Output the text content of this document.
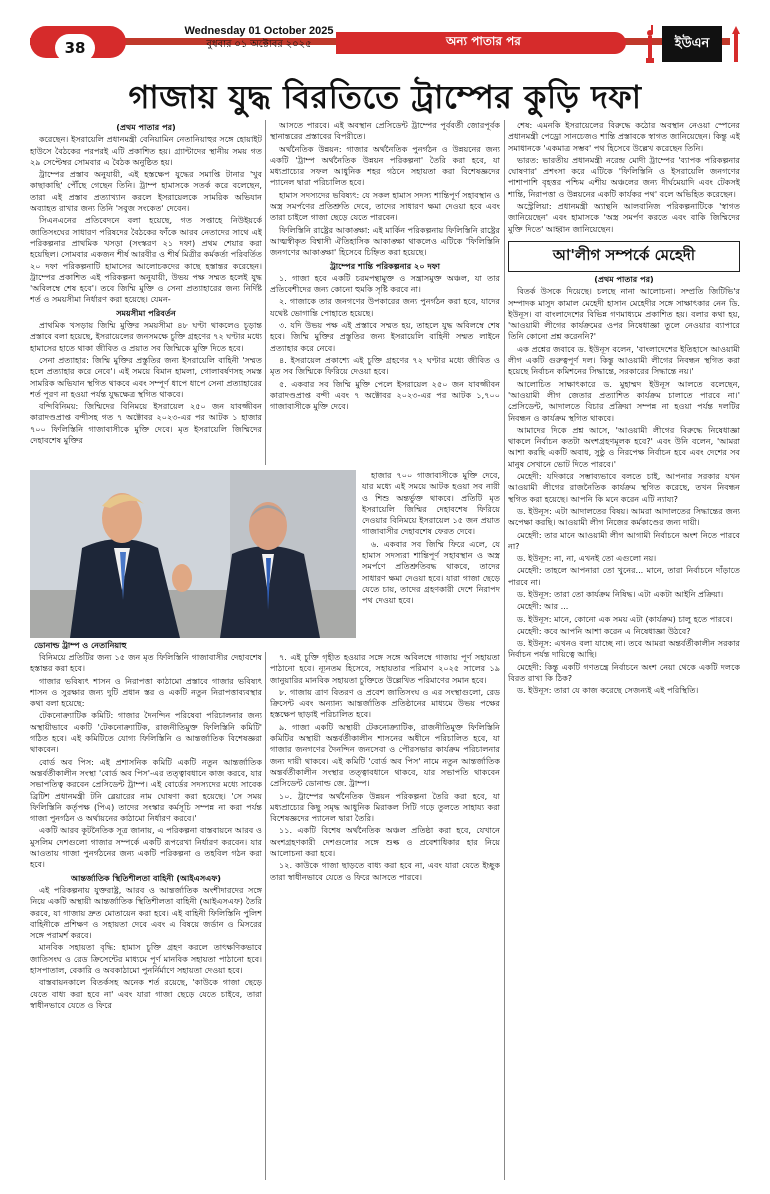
38
Wednesday 01 October 2025
বুধবার ০১ অক্টোবর ২০২৫	অন্য পাতার পর	ইউএন
গাজায় যুদ্ধ বিরতিতে ট্রাম্পের কুড়ি দফা

(প্রথম পাতার পর)

করেছেন। ইসরায়েলি প্রধানমন্ত্রী বেনিয়ামিন নেতানিয়াহুর সঙ্গে হোয়াইট হাউসে বৈঠকের পরপরই এটি প্রকাশিত হয়। গ্র্যান্টাদের স্থানীয় সময় গত ২৯ সেপ্টেম্বর সোমবার এ বৈঠক অনুষ্ঠিত হয়।

ট্রাম্পের প্রস্তাব অনুযায়ী, এই হস্তক্ষেপ যুদ্ধের সমাপ্তি টানার 'খুব কাছাকাছি' পৌঁছে গেছেন তিনি। ট্রাম্প হামাসকে সতর্ক করে বলেছেন, তারা এই প্রস্তাব প্রত্যাখ্যান করলে ইসরায়েলকে সামরিক অভিযান অব্যাহত রাখার জন্য তিনি 'সবুজ সংকেত' দেবেন।

সিএনএনের প্রতিবেদনে বলা হয়েছে, গত সপ্তাহে নিউইয়র্কে জাতিসংঘের সাধারণ পরিষদের বৈঠকের ফাঁকে আরব নেতাদের সাথে এই পরিকল্পনার প্রাথমিক খসড়া (সংস্করণ ২১ দফা) প্রথম শেয়ার করা হয়েছিল। সোমবার একজন শীর্ষ আরবীর ও শীর্ষ মিত্রীর কর্মকর্তা পরিবর্তিত ২০ দফা পরিকল্পনাটি হামাসের আলোচকদের কাছে হস্তান্তর করেছেন। ট্রাম্পের প্রকাশিত এই পরিকল্পনা অনুযায়ী, উভয় পক্ষ সম্মত হলেই যুদ্ধ 'অবিলম্বে শেষ হবে'। তবে জিম্মি মুক্তি ও সেনা প্রত্যাহারের জন্য নির্দিষ্ট শর্ত ও সময়সীমা নির্ধারণ করা হয়েছে। যেমন-

সময়সীমা পরিবর্তন

প্রাথমিক খসড়ায় জিম্মি মুক্তির সময়সীমা ৪৮ ঘণ্টা থাকলেও চূড়ান্ত প্রস্তাবে বলা হয়েছে, ইসরায়েলের জনসমক্ষে চুক্তি গ্রহণের ৭২ ঘণ্টার মধ্যে হামাসের হাতে থাকা জীবিত ও প্রয়াত সব জিম্মিকে মুক্তি দিতে হবে।

সেনা প্রত্যাহার: জিম্মি মুক্তির প্রস্তুতির জন্য ইসরায়েলি বাহিনী 'সম্মত হলে প্রত্যাহার করে নেবে'। এই সময়ে বিমান হামলা, গোলাবর্ষণসহ সমস্ত সামরিক অভিযান স্থগিত থাকবে এবং সম্পূর্ণ ধাপে ধাপে সেনা প্রত্যাহারের শর্ত পূরণ না হওয়া পর্যন্ত যুদ্ধক্ষেত্র স্থগিত থাকবে।

বন্দিবিনিময়: জিম্মিদের বিনিময়ে ইসরায়েল ২৫০ জন যাবজ্জীবন কারাদণ্ডপ্রাপ্ত বন্দীসহ গত ৭ অক্টোবর ২০২৩-এর পর আটক ১ হাজার ৭০০ ফিলিস্তিনি গাজাবাসীকে মুক্তি দেবে। মৃত ইসরায়েলি জিম্মিদের দেহাবশেষ মুক্তির

আসতে পারবে। এই অবস্থান প্রেসিডেন্ট ট্রাম্পের পূর্ববর্তী জোরপূর্বক স্থানান্তরের প্রস্তাবের বিপরীতে।

অর্থনৈতিক উন্নয়ন: গাজার অর্থনৈতিক পুনর্গঠন ও উন্নয়নের জন্য একটি 'ট্রাম্প অর্থনৈতিক উন্নয়ন পরিকল্পনা' তৈরি করা হবে, যা মধ্যপ্রাচ্যের সফল আধুনিক শহর গঠনে সহায়তা করা বিশেষজ্ঞদের প্যানেল দ্বারা পরিচালিত হবে।

হামাস সদস্যদের ভবিষ্যৎ: যে সকল হামাস সদস্য শান্তিপূর্ণ সহাবস্থান ও অস্ত্র সমর্পণের প্রতিশ্রুতি দেবে, তাদের সাধারণ ক্ষমা দেওয়া হবে এবং তারা চাইলে গাজা ছেড়ে যেতে পারবেন।

ফিলিস্তিনি রাষ্ট্রের আকাঙ্ক্ষা: এই মার্কিন পরিকল্পনায় ফিলিস্তিনি রাষ্ট্রের আত্মস্বীকৃত বিশ্বাসী ঐতিহাসিক আকাঙ্ক্ষা থাকলেও এটিকে 'ফিলিস্তিনি জনগণের আকাঙ্ক্ষা' হিসেবে চিহ্নিত করা হয়েছে।

ট্রাম্পের শান্তি পরিকল্পনার ২০ দফা

১. গাজা হবে একটি চরমপন্থামুক্ত ও সন্ত্রাসমুক্ত অঞ্চল, যা তার প্রতিবেশীদের জন্য কোনো হুমকি সৃষ্টি করবে না।

২. গাজাকে তার জনগণের উপকারের জন্য পুনর্গঠন করা হবে, যাদের যথেষ্ট ভোগান্তি পোহাতে হয়েছে।

৩. যদি উভয় পক্ষ এই প্রস্তাবে সম্মত হয়, তাহলে যুদ্ধ অবিলম্বে শেষ হবে। জিম্মি মুক্তির প্রস্তুতির জন্য ইসরায়েলি বাহিনী সম্মত লাইনে প্রত্যাহার করে নেবে।

৪. ইসরায়েল প্রকাশ্যে এই চুক্তি গ্রহণের ৭২ ঘণ্টার মধ্যে জীবিত ও মৃত সব জিম্মিকে ফিরিয়ে দেওয়া হবে।

৫. একবার সব জিম্মি মুক্তি পেলে ইসরায়েল ২৫০ জন যাবজ্জীবন কারাদণ্ডপ্রাপ্ত বন্দী এবং ৭ অক্টোবর ২০২৩-এর পর আটক ১,৭০০ গাজাবাসীকে মুক্তি দেবে।

ডোনাল্ড ট্রাম্প ও নেতানিয়াহু

হাজার ৭০০ গাজাবাসীকে মুক্তি দেবে, যার মধ্যে এই সময়ে আটক হওয়া সব নারী ও শিশু অন্তর্ভুক্ত থাকবে। প্রতিটি মৃত ইসরায়েলি জিম্মির দেহাবশেষ ফিরিয়ে দেওয়ার বিনিময়ে ইসরায়েল ১৫ জন প্রয়াত গাজাবাসীর দেহাবশেষ ফেরত দেবে।

৬. একবার সব জিম্মি ফিরে এলে, যে হামাস সদস্যরা শান্তিপূর্ণ সহাবস্থান ও অস্ত্র সমর্পণে প্রতিশ্রুতিবদ্ধ থাকবে, তাদের সাধারণ ক্ষমা দেওয়া হবে। যারা গাজা ছেড়ে যেতে চায়, তাদের গ্রহণকারী দেশে নিরাপদ পথ দেওয়া হবে।

বিনিময়ে প্রতিটির জন্য ১৫ জন মৃত ফিলিস্তিনি গাজাবাসীর দেহাবশেষ হস্তান্তর করা হবে।

গাজার ভবিষ্যৎ শাসন ও নিরাপত্তা কাঠামো প্রস্তাবে গাজার ভবিষ্যৎ শাসন ও সুরক্ষার জন্য দুটি প্রধান স্তর ও একটি নতুন নিরাপত্তাব্যবস্থার কথা বলা হয়েছে:

টেকনোক্র্যাটিক কমিটি: গাজার দৈনন্দিন পরিষেবা পরিচালনার জন্য অস্থায়ীভাবে একটি 'টেকনোক্র্যাটিক, রাজনীতিমুক্ত ফিলিস্তিনি কমিটি' গঠিত হবে। এই কমিটিতে যোগ্য ফিলিস্তিনি ও আন্তর্জাতিক বিশেষজ্ঞরা থাকবেন।

বোর্ড অব পিস: এই প্রশাসনিক কমিটি একটি নতুন আন্তর্জাতিক অন্তর্বর্তীকালীন সংস্থা 'বোর্ড অব পিস'-এর তত্ত্বাবধানে কাজ করবে, যার সভাপতিত্ব করবেন প্রেসিডেন্ট ট্রাম্প। এই বোর্ডের সদস্যদের মধ্যে সাবেক ব্রিটিশ প্রধানমন্ত্রী টনি ব্লেয়ারের নাম ঘোষণা করা হয়েছে। 'সে সময় ফিলিস্তিনি কর্তৃপক্ষ (পিএ) তাদের সংস্কার কর্মসূচি সম্পন্ন না করা পর্যন্ত গাজা পুনর্গঠন ও অর্থায়নের কাঠামো নির্ধারণ করবে।'

একটি আরব কূটনৈতিক সূত্র জানায়, এ পরিকল্পনা বাস্তবায়নে আরব ও মুসলিম দেশগুলো গাজার সম্পর্কে একটি রূপরেখা নির্ধারণ করবেন। যার আওতায় গাজা পুনর্গঠনের জন্য একটি পরিকল্পনা ও তহবিল গঠন করা হবে।

আন্তর্জাতিক স্থিতিশীলতা বাহিনী (আইএসএফ)

এই পরিকল্পনায় যুক্তরাষ্ট্র, আরব ও আন্তর্জাতিক অংশীদারদের সঙ্গে নিয়ে একটি অস্থায়ী আন্তর্জাতিক স্থিতিশীলতা বাহিনী (আইএসএফ) তৈরি করবে, যা গাজায় দ্রুত মোতায়েন করা হবে। এই বাহিনী ফিলিস্তিনি পুলিশ বাহিনীকে প্রশিক্ষণ ও সহায়তা দেবে এবং এ বিষয়ে জর্ডান ও মিসরের সঙ্গে পরামর্শ করবে।

মানবিক সহায়তা বৃদ্ধি: হামাস চুক্তি গ্রহণ করলে তাৎক্ষণিকভাবে জাতিসংঘ ও রেড ক্রিসেন্টের মাধ্যমে পূর্ণ মানবিক সহায়তা পাঠানো হবে। হাসপাতাল, বেকারি ও অবকাঠামো পুনর্নির্মাণে সহায়তা দেওয়া হবে।

বাস্তবায়নকালে বিতর্কসহ অনেক শর্ত রয়েছে, 'কাউকে গাজা ছেড়ে যেতে বাধ্য করা হবে না' এবং যারা গাজা ছেড়ে যেতে চাইবে, তারা স্বাধীনভাবে যেতে ও ফিরে

৭. এই চুক্তি গৃহীত হওয়ার সঙ্গে সঙ্গে অবিলম্বে গাজায় পূর্ণ সহায়তা পাঠানো হবে। ন্যূনতম হিসেবে, সহায়তার পরিমাণ ২০২৫ সালের ১৯ জানুয়ারির মানবিক সহায়তা চুক্তিতে উল্লেখিত পরিমাণের সমান হবে।

৮. গাজায় ত্রাণ বিতরণ ও প্রবেশ জাতিসংঘ ও এর সংস্থাগুলো, রেড ক্রিসেন্ট এবং অন্যান্য আন্তর্জাতিক প্রতিষ্ঠানের মাধ্যমে উভয় পক্ষের হস্তক্ষেপ ছাড়াই পরিচালিত হবে।

৯. গাজা একটি অস্থায়ী টেকনোক্র্যাটিক, রাজনীতিমুক্ত ফিলিস্তিনি কমিটির অস্থায়ী অন্তর্বর্তীকালীন শাসনের অধীনে পরিচালিত হবে, যা গাজার জনগণের দৈনন্দিন জনসেবা ও পৌরসভার কার্যক্রম পরিচালনার জন্য দায়ী থাকবে। এই কমিটি 'বোর্ড অব পিস' নামে নতুন আন্তর্জাতিক অন্তর্বর্তীকালীন সংস্থার তত্ত্বাবধানে থাকবে, যার সভাপতি থাকবেন প্রেসিডেন্ট ডোনাল্ড জে. ট্রাম্প।

১০. ট্রাম্পের অর্থনৈতিক উন্নয়ন পরিকল্পনা তৈরি করা হবে, যা মধ্যপ্রাচ্যের কিছু সমৃদ্ধ আধুনিক মিরাকল সিটি গড়ে তুলতে সাহায্য করা বিশেষজ্ঞদের প্যানেল দ্বারা তৈরি।

১১. একটি বিশেষ অর্থনৈতিক অঞ্চল প্রতিষ্ঠা করা হবে, যেখানে অংশগ্রহণকারী দেশগুলোর সঙ্গে শুল্ক ও প্রবেশাধিকার হার নিয়ে আলোচনা করা হবে।

১২. কাউকে গাজা ছাড়তে বাধ্য করা হবে না, এবং যারা যেতে ইচ্ছুক তারা স্বাধীনভাবে যেতে ও ফিরে আসতে পারবে।

শেষ: এমনকি ইসরায়েলের বিরুদ্ধে কঠোর অবস্থান নেওয়া স্পেনের প্রধানমন্ত্রী পেড্রো সানচেজও শান্তি প্রস্তাবকে স্বাগত জানিয়েছেন। কিন্তু এই সমাধানকে 'একমাত্র সম্ভব' পথ হিসেবে উল্লেখ করেছেন তিনি।

ভারত: ভারতীয় প্রধানমন্ত্রী নরেন্দ্র মোদী ট্রাম্পের 'ব্যাপক পরিকল্পনার ঘোষণার' প্রশংসা করে এটিকে 'ফিলিস্তিনি ও ইসরায়েলি জনগণের পাশাপাশি বৃহত্তর পশ্চিম এশীয় অঞ্চলের জন্য দীর্ঘমেয়াদি এবং টেকসই শান্তি, নিরাপত্তা ও উন্নয়নের একটি কার্যকর পথ' বলে অভিহিত করেছেন।

অস্ট্রেলিয়া: প্রধানমন্ত্রী অ্যান্থনি আলবানিজ পরিকল্পনাটিকে 'স্বাগত জানিয়েছেন' এবং হামাসকে 'অস্ত্র সমর্পণ করতে এবং বাকি জিম্মিদের মুক্তি দিতে' আহ্বান জানিয়েছেন।

আ'লীগ সম্পর্কে মেহেদী

(প্রথম পাতার পর)

বিতর্ক উসকে দিয়েছে। চলছে নানা আলোচনা। সম্প্রতি জিটিভি'র সম্পাদক মাসুদ কামাল মেহেদী হাসান মেহেদীর সঙ্গে সাক্ষাৎকার নেন ডি. ইউনূস। বা বাংলাদেশের বিভিন্ন গণমাধ্যমে প্রকাশিত হয়। বলার কথা হয়, 'আওয়ামী লীগের কার্যক্রমের ওপর নিষেধাজ্ঞা তুলে নেওয়ার ব্যাপারে তিনি কোনো প্রশ্ন করেননি?'

এক প্রশ্নের জবাবে ড. ইউনূস বলেন, 'বাংলাদেশের ইতিহাসে আওয়ামী লীগ একটি গুরুত্বপূর্ণ দল। কিন্তু আওয়ামী লীগের নিবন্ধন স্থগিত করা হয়েছে নির্বাচন কমিশনের সিদ্ধান্তে, সরকারের সিদ্ধান্তে নয়।'

আলোচিত সাক্ষাৎকারে ড. মুহাম্মদ ইউনূস আলতে বলেছেন, 'আওয়ামী লীগ জেতার প্রত্যাশিত কার্যক্রম চালাতে পারবে না।' প্রেসিডেন্ট, আদালতে বিচার প্রক্রিয়া সম্পন্ন না হওয়া পর্যন্ত দলটির নিবন্ধন ও কার্যক্রম স্থগিত থাকবে।

আমাদের দিকে প্রশ্ন আসে, 'আওয়ামী লীগের বিরুদ্ধে নিষেধাজ্ঞা থাকলে নির্বাচন কতটা অংশগ্রহণমূলক হবে?' এবং উনি বলেন, 'আমরা আশা করছি একটি অবাধ, সুষ্ঠু ও নিরপেক্ষ নির্বাচন হবে এবং দেশের সব মানুষ সেখানে ভোট দিতে পারবে।'

মেহেদী: যদিকারে সম্ভাব্যভাবে বলতে চাই, আপনার সরকার যখন আওয়ামী লীগের রাজনৈতিক কার্যক্রম স্থগিত করেছে, তখন নিবন্ধন স্থগিত করা হয়েছে। আপনি কি মনে করেন এটি ন্যায্য?

ড. ইউনূস: এটা আদালতের বিষয়। আমরা আদালতের সিদ্ধান্তের জন্য অপেক্ষা করছি। আওয়ামী লীগ নিজের কর্মকাণ্ডের জন্য দায়ী।

মেহেদী: তার মানে আওয়ামী লীগ আগামী নির্বাচনে অংশ নিতে পারবে না?

ড. ইউনূস: না, না, এখনই তো এগুলো নয়।

মেহেদী: তাহলে আপনারা তো খুনের... মানে, তারা নির্বাচনে দাঁড়াতে পারবে না।

ড. ইউনূস: তারা তো কার্যক্রম নিষিদ্ধ। এটা একটা আইনি প্রক্রিয়া।

মেহেদী: আর ...

ড. ইউনূস: মানে, কোনো এক সময় এটা (কার্যক্রম) চালু হতে পারবে।

মেহেদী: কবে আপনি আশা করেন এ নিষেধাজ্ঞা উঠবে?

ড. ইউনূস: এখনও বলা যাচ্ছে না। তবে আমরা অন্তর্বর্তীকালীন সরকার নির্বাচন পর্যন্ত দায়িত্বে আছি।

মেহেদী: কিন্তু একটি গণতন্ত্রে নির্বাচনে অংশ নেয়া থেকে একটি দলকে বিরত রাখা কি ঠিক?

ড. ইউনূস: তারা যে কাজ করেছে সেজন্যই এই পরিস্থিতি।
